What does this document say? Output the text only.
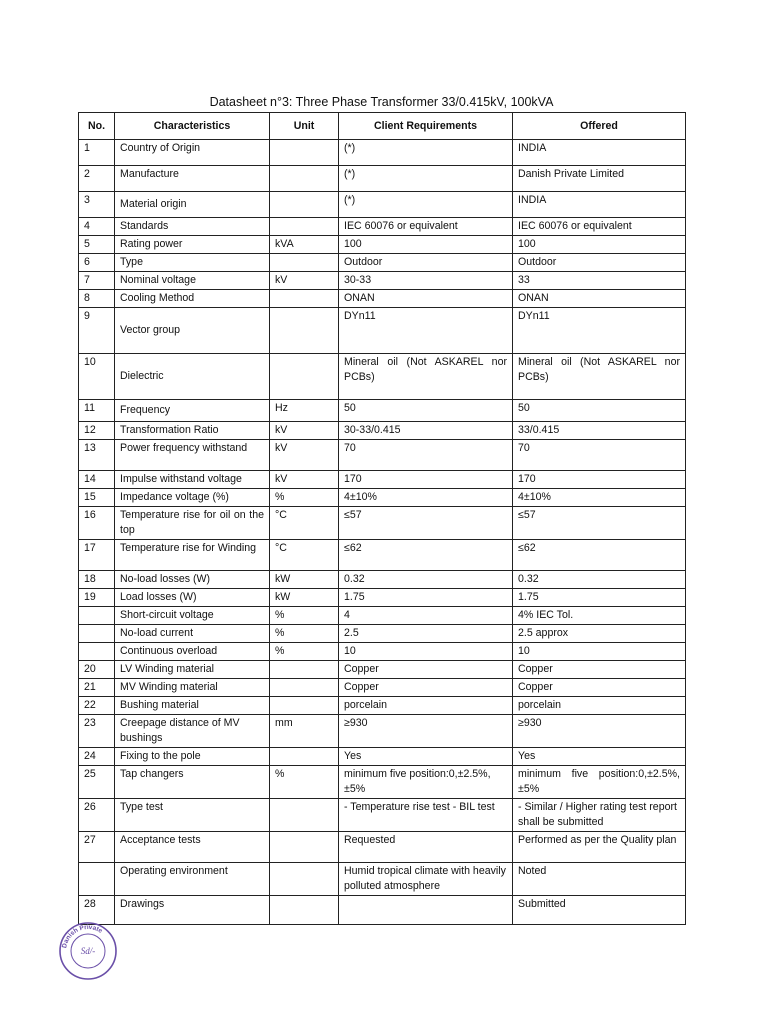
Datasheet n°3: Three Phase Transformer 33/0.415kV, 100kVA
No.	Characteristics	Unit	Client Requirements	Offered
1	Country of Origin		(*)	INDIA
2	Manufacture		(*)	Danish Private Limited
3	Material origin		(*)	INDIA
4	Standards		IEC 60076 or equivalent	IEC 60076 or equivalent
5	Rating power	kVA	100	100
6	Type		Outdoor	Outdoor
7	Nominal voltage	kV	30-33	33
8	Cooling Method		ONAN	ONAN
9	Vector group		DYn11	DYn11
10	Dielectric		Mineral oil (Not ASKAREL nor PCBs)	Mineral oil (Not ASKAREL nor PCBs)
11	Frequency	Hz	50	50
12	Transformation Ratio	kV	30-33/0.415	33/0.415
13	Power frequency withstand	kV	70	70
14	Impulse withstand voltage	kV	170	170
15	Impedance voltage (%)	%	4±10%	4±10%
16	Temperature rise for oil on the top	°C	≤57	≤57
17	Temperature rise for Winding	°C	≤62	≤62
18	No-load losses (W)	kW	0.32	0.32
19	Load losses (W)	kW	1.75	1.75
	Short-circuit voltage	%	4	4% IEC Tol.
	No-load current	%	2.5	2.5 approx
	Continuous overload	%	10	10
20	LV Winding material		Copper	Copper
21	MV Winding material		Copper	Copper
22	Bushing material		porcelain	porcelain
23	Creepage distance of MV bushings	mm	≥930	≥930
24	Fixing to the pole		Yes	Yes
25	Tap changers	%	minimum five position:0,±2.5%,±5%	minimum five position:0,±2.5%,±5%
26	Type test		- Temperature rise test - BIL test	- Similar / Higher rating test report shall be submitted
27	Acceptance tests		Requested	Performed as per the Quality plan
	Operating environment		Humid tropical climate with heavily polluted atmosphere	Noted
28	Drawings			Submitted
Danish Private
Sd/-
